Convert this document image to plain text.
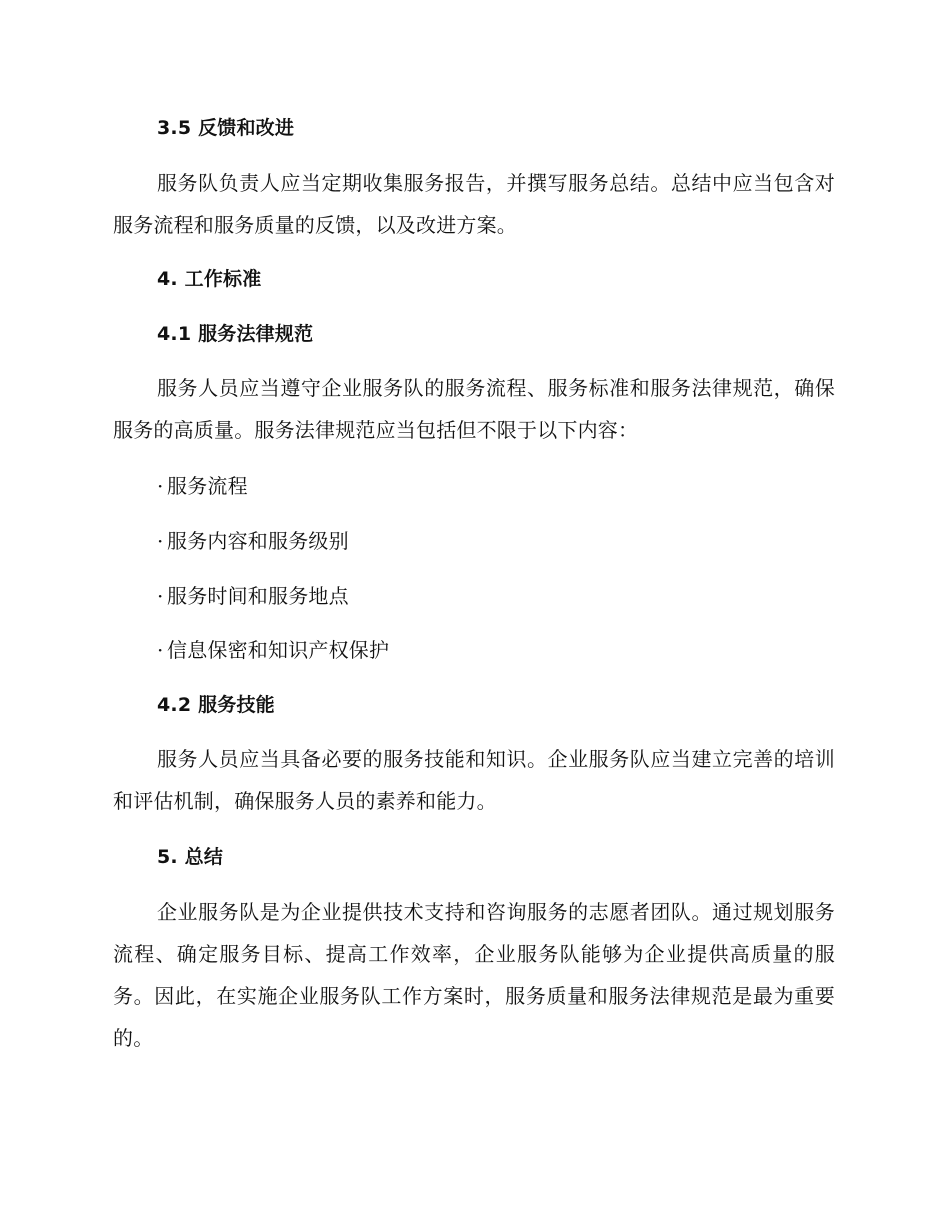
3.5 反馈和改进

服务队负责人应当定期收集服务报告，并撰写服务总结。总结中应当包含对服务流程和服务质量的反馈，以及改进方案。

4. 工作标准
4.1 服务法律规范

服务人员应当遵守企业服务队的服务流程、服务标准和服务法律规范，确保服务的高质量。服务法律规范应当包括但不限于以下内容：

· 服务流程
· 服务内容和服务级别
· 服务时间和服务地点
· 信息保密和知识产权保护
4.2 服务技能

服务人员应当具备必要的服务技能和知识。企业服务队应当建立完善的培训和评估机制，确保服务人员的素养和能力。

5. 总结

企业服务队是为企业提供技术支持和咨询服务的志愿者团队。通过规划服务流程、确定服务目标、提高工作效率，企业服务队能够为企业提供高质量的服务。因此，在实施企业服务队工作方案时，服务质量和服务法律规范是最为重要的。
